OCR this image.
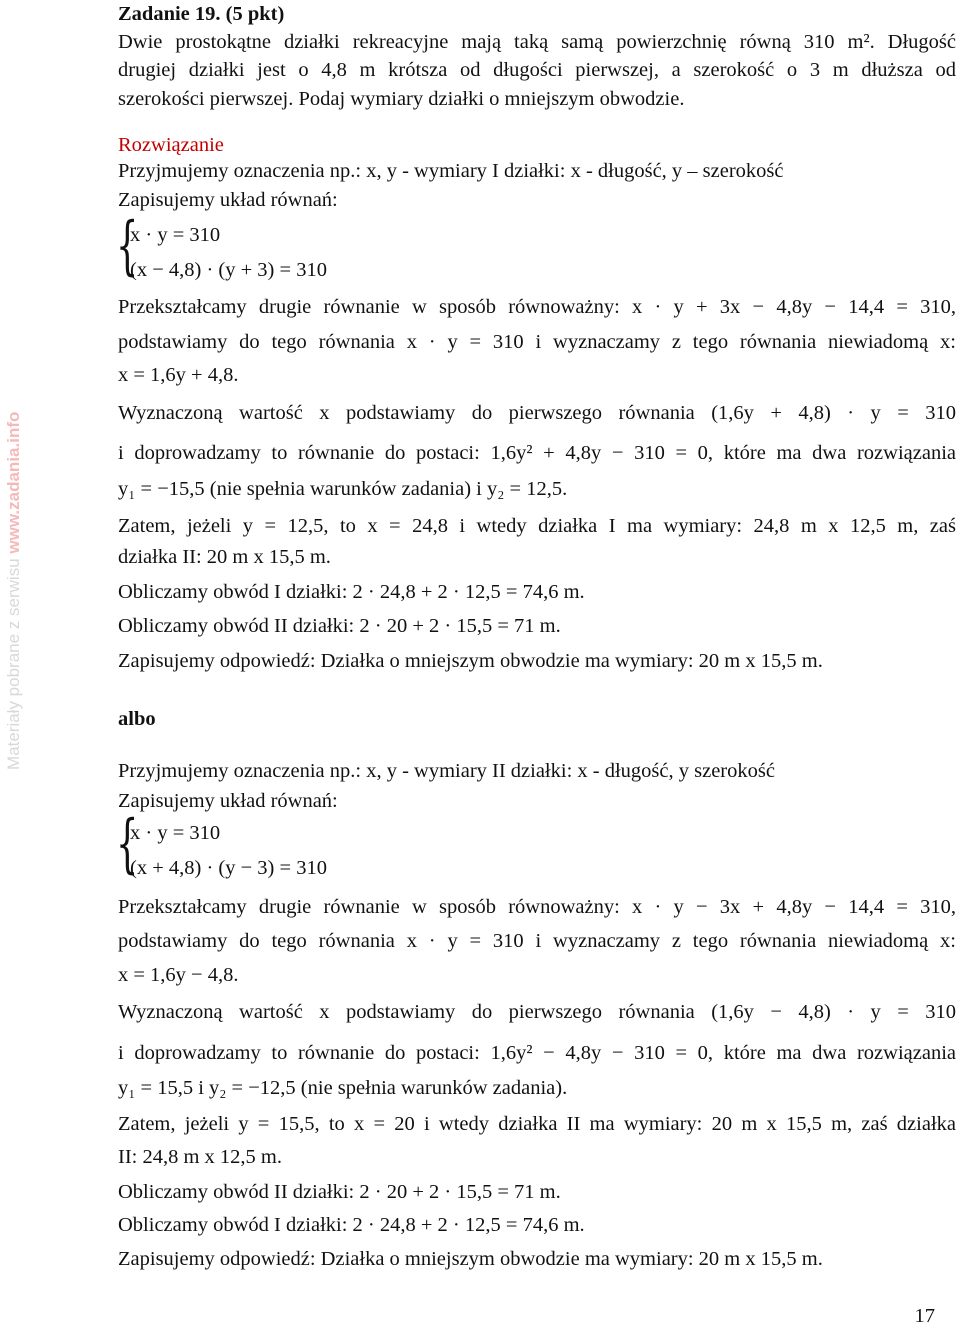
Materiały pobrane z serwisu www.zadania.info
Zadanie 19. (5 pkt)
Dwie prostokątne działki rekreacyjne mają taką samą powierzchnię równą 310 m². Długość
drugiej działki jest o 4,8 m krótsza od długości pierwszej, a szerokość o 3 m dłuższa od
szerokości pierwszej. Podaj wymiary działki o mniejszym obwodzie.
Rozwiązanie
Przyjmujemy oznaczenia np.: x, y - wymiary I działki: x - długość, y – szerokość
Zapisujemy układ równań:
{
x · y = 310
(x − 4,8) · (y + 3) = 310
Przekształcamy drugie równanie w sposób równoważny: x · y + 3x − 4,8y − 14,4 = 310,
podstawiamy do tego równania x · y = 310 i wyznaczamy z tego równania niewiadomą x:
x = 1,6y + 4,8.
Wyznaczoną wartość x podstawiamy do pierwszego równania (1,6y + 4,8) · y = 310
i doprowadzamy to równanie do postaci: 1,6y² + 4,8y − 310 = 0, które ma dwa rozwiązania
y₁ = −15,5 (nie spełnia warunków zadania) i y₂ = 12,5.
Zatem, jeżeli y = 12,5, to x = 24,8 i wtedy działka I ma wymiary: 24,8 m x 12,5 m, zaś
działka II: 20 m x 15,5 m.
Obliczamy obwód I działki: 2 · 24,8 + 2 · 12,5 = 74,6 m.
Obliczamy obwód II działki: 2 · 20 + 2 · 15,5 = 71 m.
Zapisujemy odpowiedź: Działka o mniejszym obwodzie ma wymiary: 20 m x 15,5 m.
albo
Przyjmujemy oznaczenia np.: x, y - wymiary II działki: x - długość, y szerokość
Zapisujemy układ równań:
{
x · y = 310
(x + 4,8) · (y − 3) = 310
Przekształcamy drugie równanie w sposób równoważny: x · y − 3x + 4,8y − 14,4 = 310,
podstawiamy do tego równania x · y = 310 i wyznaczamy z tego równania niewiadomą x:
x = 1,6y − 4,8.
Wyznaczoną wartość x podstawiamy do pierwszego równania (1,6y − 4,8) · y = 310
i doprowadzamy to równanie do postaci: 1,6y² − 4,8y − 310 = 0, które ma dwa rozwiązania
y₁ = 15,5 i y₂ = −12,5 (nie spełnia warunków zadania).
Zatem, jeżeli y = 15,5, to x = 20 i wtedy działka II ma wymiary: 20 m x 15,5 m, zaś działka
II: 24,8 m x 12,5 m.
Obliczamy obwód II działki: 2 · 20 + 2 · 15,5 = 71 m.
Obliczamy obwód I działki: 2 · 24,8 + 2 · 12,5 = 74,6 m.
Zapisujemy odpowiedź: Działka o mniejszym obwodzie ma wymiary: 20 m x 15,5 m.
17
